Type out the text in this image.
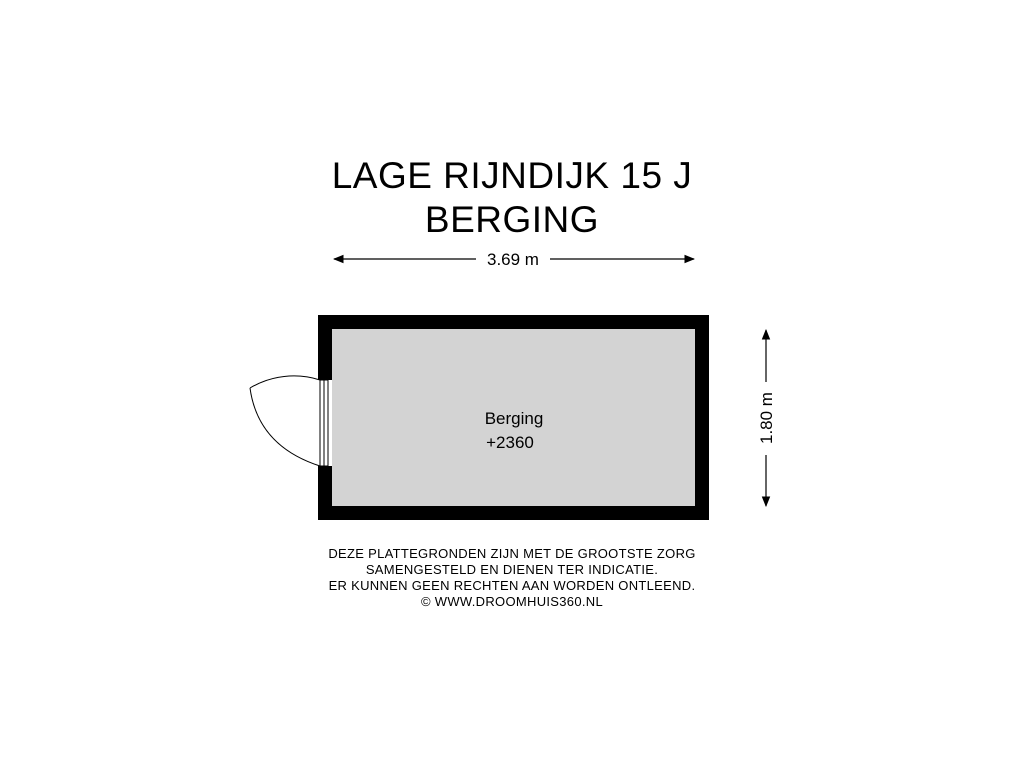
LAGE RIJNDIJK 15 J
BERGING
3.69 m
1.80 m
Berging
+2360
DEZE PLATTEGRONDEN ZIJN MET DE GROOTSTE ZORG
SAMENGESTELD EN DIENEN TER INDICATIE.
ER KUNNEN GEEN RECHTEN AAN WORDEN ONTLEEND.
© WWW.DROOMHUIS360.NL
